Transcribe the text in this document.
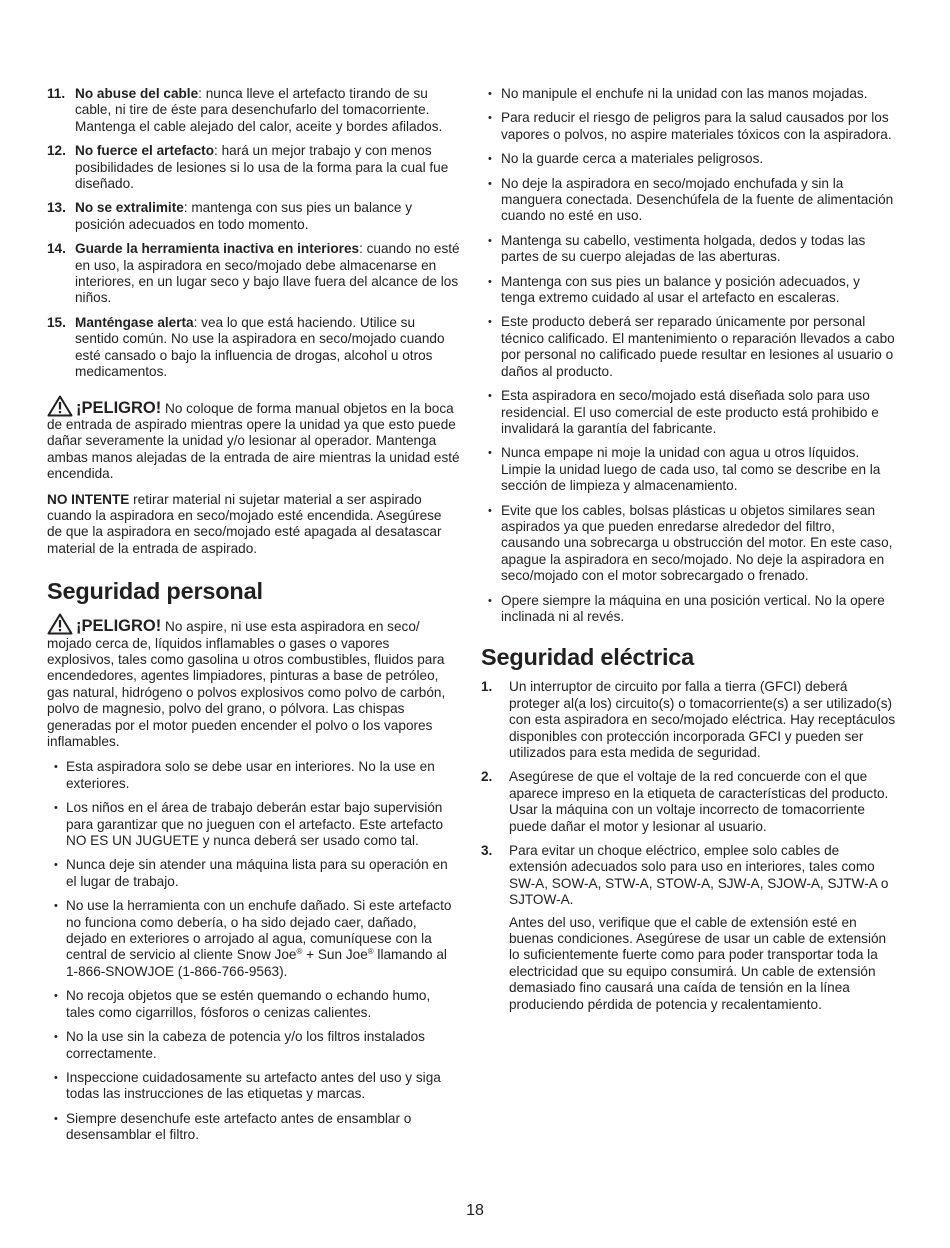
11. No abuse del cable: nunca lleve el artefacto tirando de su cable, ni tire de éste para desenchufarlo del tomacorriente. Mantenga el cable alejado del calor, aceite y bordes afilados.
12. No fuerce el artefacto: hará un mejor trabajo y con menos posibilidades de lesiones si lo usa de la forma para la cual fue diseñado.
13. No se extralimite: mantenga con sus pies un balance y posición adecuados en todo momento.
14. Guarde la herramienta inactiva en interiores: cuando no esté en uso, la aspiradora en seco/mojado debe almacenarse en interiores, en un lugar seco y bajo llave fuera del alcance de los niños.
15. Manténgase alerta: vea lo que está haciendo. Utilice su sentido común. No use la aspiradora en seco/mojado cuando esté cansado o bajo la influencia de drogas, alcohol u otros medicamentos.

¡PELIGRO! No coloque de forma manual objetos en la boca de entrada de aspirado mientras opere la unidad ya que esto puede dañar severamente la unidad y/o lesionar al operador. Mantenga ambas manos alejadas de la entrada de aire mientras la unidad esté encendida.

NO INTENTE retirar material ni sujetar material a ser aspirado cuando la aspiradora en seco/mojado esté encendida. Asegúrese de que la aspiradora en seco/mojado esté apagada al desatascar material de la entrada de aspirado.

Seguridad personal

¡PELIGRO! No aspire, ni use esta aspiradora en seco/ mojado cerca de, líquidos inflamables o gases o vapores explosivos, tales como gasolina u otros combustibles, fluidos para encendedores, agentes limpiadores, pinturas a base de petróleo, gas natural, hidrógeno o polvos explosivos como polvo de carbón, polvo de magnesio, polvo del grano, o pólvora. Las chispas generadas por el motor pueden encender el polvo o los vapores inflamables.

• Esta aspiradora solo se debe usar en interiores. No la use en exteriores.
• Los niños en el área de trabajo deberán estar bajo supervisión para garantizar que no jueguen con el artefacto. Este artefacto NO ES UN JUGUETE y nunca deberá ser usado como tal.
• Nunca deje sin atender una máquina lista para su operación en el lugar de trabajo.
• No use la herramienta con un enchufe dañado. Si este artefacto no funciona como debería, o ha sido dejado caer, dañado, dejado en exteriores o arrojado al agua, comuníquese con la central de servicio al cliente Snow Joe® + Sun Joe® llamando al 1-866-SNOWJOE (1-866-766-9563).
• No recoja objetos que se estén quemando o echando humo, tales como cigarrillos, fósforos o cenizas calientes.
• No la use sin la cabeza de potencia y/o los filtros instalados correctamente.
• Inspeccione cuidadosamente su artefacto antes del uso y siga todas las instrucciones de las etiquetas y marcas.
• Siempre desenchufe este artefacto antes de ensamblar o desensamblar el filtro.
• No manipule el enchufe ni la unidad con las manos mojadas.
• Para reducir el riesgo de peligros para la salud causados por los vapores o polvos, no aspire materiales tóxicos con la aspiradora.
• No la guarde cerca a materiales peligrosos.
• No deje la aspiradora en seco/mojado enchufada y sin la manguera conectada. Desenchúfela de la fuente de alimentación cuando no esté en uso.
• Mantenga su cabello, vestimenta holgada, dedos y todas las partes de su cuerpo alejadas de las aberturas.
• Mantenga con sus pies un balance y posición adecuados, y tenga extremo cuidado al usar el artefacto en escaleras.
• Este producto deberá ser reparado únicamente por personal técnico calificado. El mantenimiento o reparación llevados a cabo por personal no calificado puede resultar en lesiones al usuario o daños al producto.
• Esta aspiradora en seco/mojado está diseñada solo para uso residencial. El uso comercial de este producto está prohibido e invalidará la garantía del fabricante.
• Nunca empape ni moje la unidad con agua u otros líquidos. Limpie la unidad luego de cada uso, tal como se describe en la sección de limpieza y almacenamiento.
• Evite que los cables, bolsas plásticas u objetos similares sean aspirados ya que pueden enredarse alrededor del filtro, causando una sobrecarga u obstrucción del motor. En este caso, apague la aspiradora en seco/mojado. No deje la aspiradora en seco/mojado con el motor sobrecargado o frenado.
• Opere siempre la máquina en una posición vertical. No la opere inclinada ni al revés.
Seguridad eléctrica
1. Un interruptor de circuito por falla a tierra (GFCI) deberá proteger al(a los) circuito(s) o tomacorriente(s) a ser utilizado(s) con esta aspiradora en seco/mojado eléctrica. Hay receptáculos disponibles con protección incorporada GFCI y pueden ser utilizados para esta medida de seguridad.
2. Asegúrese de que el voltaje de la red concuerde con el que aparece impreso en la etiqueta de características del producto. Usar la máquina con un voltaje incorrecto de tomacorriente puede dañar el motor y lesionar al usuario.
3. Para evitar un choque eléctrico, emplee solo cables de extensión adecuados solo para uso en interiores, tales como SW-A, SOW-A, STW-A, STOW-A, SJW-A, SJOW-A, SJTW-A o SJTOW-A.

Antes del uso, verifique que el cable de extensión esté en buenas condiciones. Asegúrese de usar un cable de extensión lo suficientemente fuerte como para poder transportar toda la electricidad que su equipo consumirá. Un cable de extensión demasiado fino causará una caída de tensión en la línea produciendo pérdida de potencia y recalentamiento.

18
